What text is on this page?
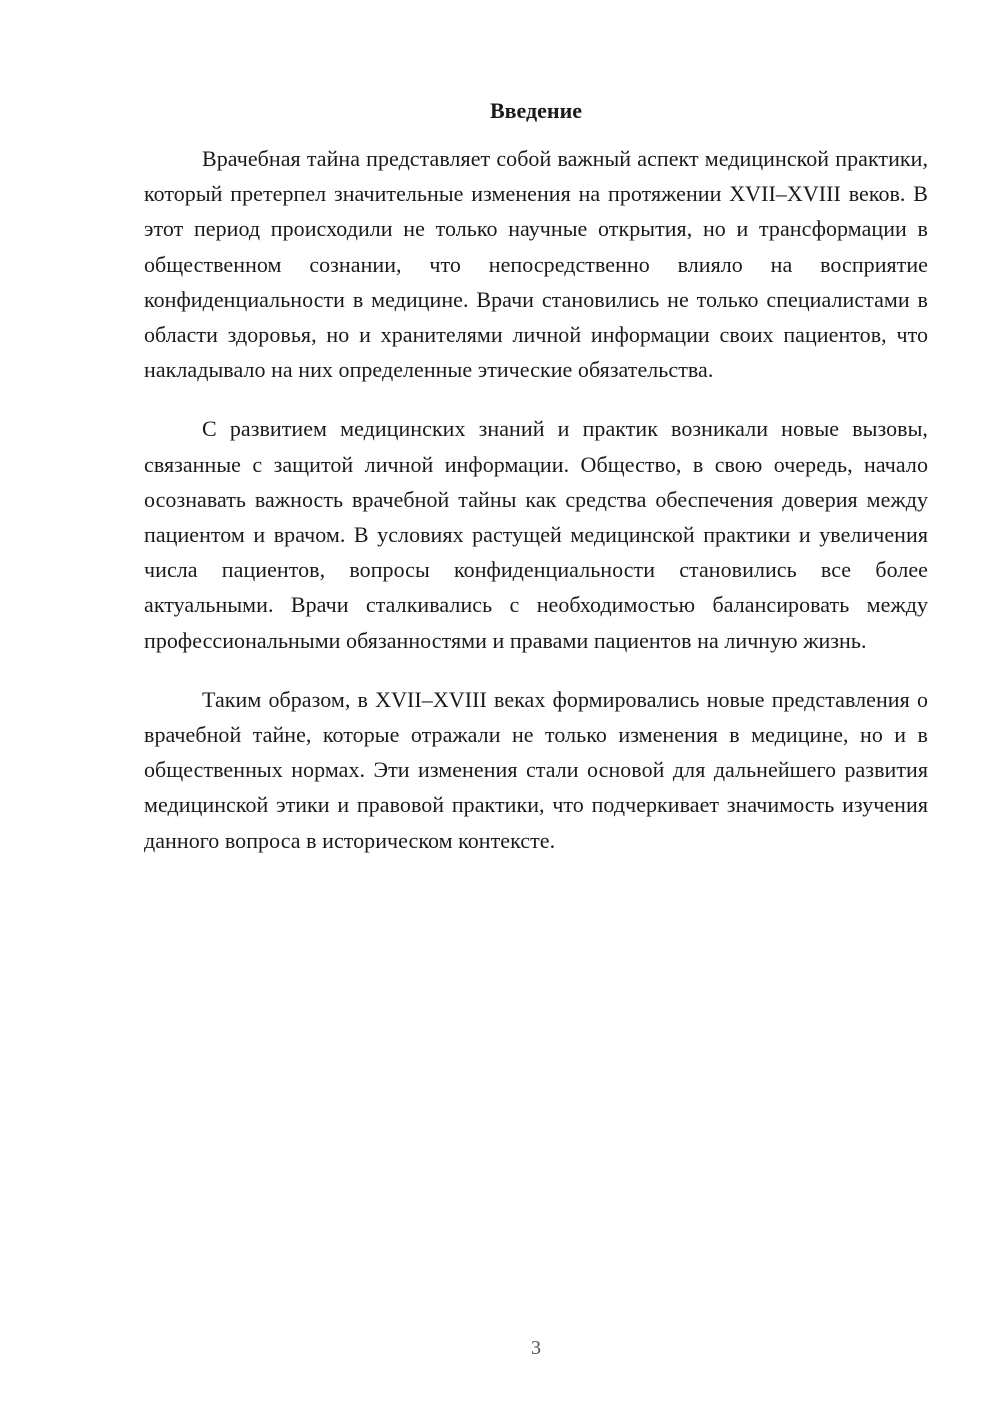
Введение

Врачебная тайна представляет собой важный аспект медицинской практики, который претерпел значительные изменения на протяжении XVII–XVIII веков. В этот период происходили не только научные открытия, но и трансформации в общественном сознании, что непосредственно влияло на восприятие конфиденциальности в медицине. Врачи становились не только специалистами в области здоровья, но и хранителями личной информации своих пациентов, что накладывало на них определенные этические обязательства.

С развитием медицинских знаний и практик возникали новые вызовы, связанные с защитой личной информации. Общество, в свою очередь, начало осознавать важность врачебной тайны как средства обеспечения доверия между пациентом и врачом. В условиях растущей медицинской практики и увеличения числа пациентов, вопросы конфиденциальности становились все более актуальными. Врачи сталкивались с необходимостью балансировать между профессиональными обязанностями и правами пациентов на личную жизнь.

Таким образом, в XVII–XVIII веках формировались новые представления о врачебной тайне, которые отражали не только изменения в медицине, но и в общественных нормах. Эти изменения стали основой для дальнейшего развития медицинской этики и правовой практики, что подчеркивает значимость изучения данного вопроса в историческом контексте.

3
